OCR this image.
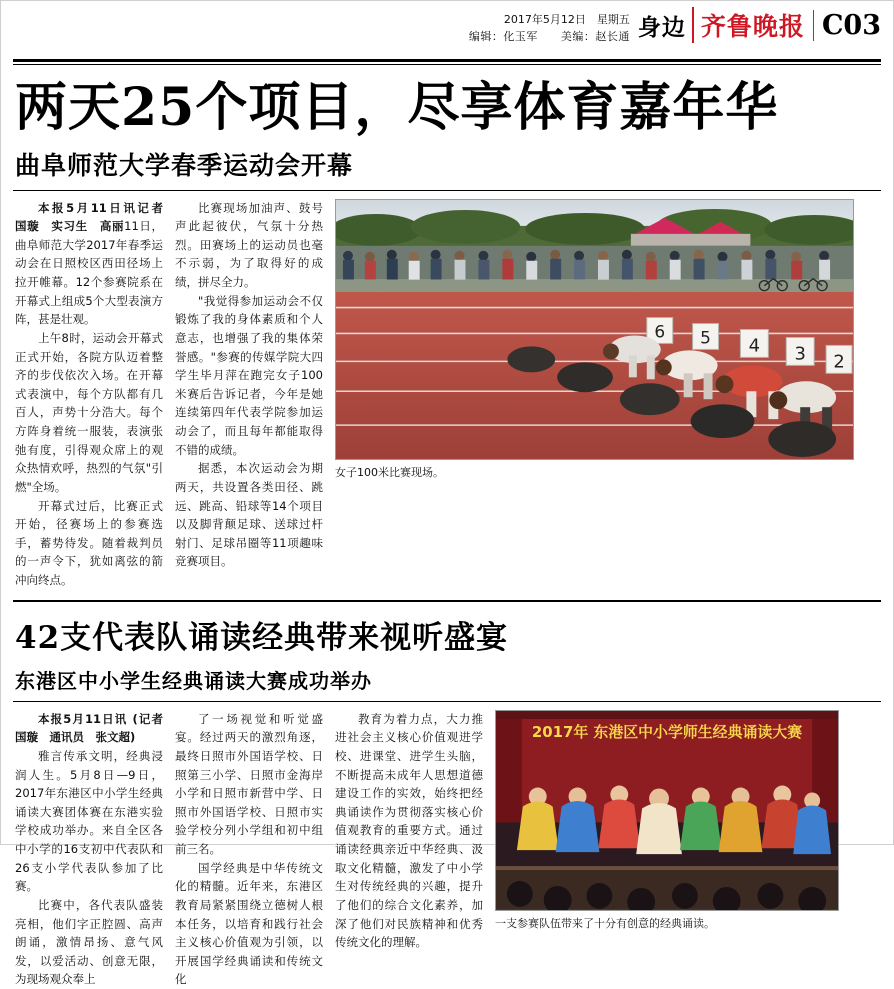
2017年5月12日　星期五
编辑：化玉军　　美编：赵长通 身边 齐鲁晚报 C03
两天25个项目，尽享体育嘉年华
曲阜师范大学春季运动会开幕

本报5月11日讯记者　国璇　实习生　高丽11日，曲阜师范大学2017年春季运动会在日照校区西田径场上拉开帷幕。12个参赛院系在开幕式上组成5个大型表演方阵，甚是壮观。

上午8时，运动会开幕式正式开始，各院方队迈着整齐的步伐依次入场。在开幕式表演中，每个方队都有几百人，声势十分浩大。每个方阵身着统一服装，表演张弛有度，引得观众席上的观众热情欢呼，热烈的气氛"引燃"全场。

开幕式过后，比赛正式开始，径赛场上的参赛选手，蓄势待发。随着裁判员的一声令下，犹如离弦的箭冲向终点。

比赛现场加油声、鼓号声此起彼伏，气氛十分热烈。田赛场上的运动员也毫不示弱，为了取得好的成绩，拼尽全力。

"我觉得参加运动会不仅锻炼了我的身体素质和个人意志，也增强了我的集体荣誉感。"参赛的传媒学院大四学生毕月萍在跑完女子100米赛后告诉记者，今年是她连续第四年代表学院参加运动会了，而且每年都能取得不错的成绩。

据悉，本次运动会为期两天，共设置各类田径、跳远、跳高、铅球等14个项目以及脚背颠足球、送球过杆射门、足球吊圈等11项趣味竞赛项目。

6 5 4 3 2
女子100米比赛现场。
42支代表队诵读经典带来视听盛宴
东港区中小学生经典诵读大赛成功举办

本报5月11日讯 (记者　国璇　通讯员　张文超)

雅言传承文明，经典浸润人生。5月8日—9日，2017年东港区中小学生经典诵读大赛团体赛在东港实验学校成功举办。来自全区各中小学的16支初中代表队和26支小学代表队参加了比赛。

比赛中，各代表队盛装亮相，他们字正腔圆、高声朗诵，激情昂扬、意气风发，以爱活动、创意无限，为现场观众奉上

了一场视觉和听觉盛宴。经过两天的激烈角逐，最终日照市外国语学校、日照第三小学、日照市金海岸小学和日照市新营中学、日照市外国语学校、日照市实验学校分列小学组和初中组前三名。

国学经典是中华传统文化的精髓。近年来，东港区教育局紧紧围绕立德树人根本任务，以培育和践行社会主义核心价值观为引领，以开展国学经典诵读和传统文化

教育为着力点，大力推进社会主义核心价值观进学校、进课堂、进学生头脑，不断提高未成年人思想道德建设工作的实效，始终把经典诵读作为贯彻落实核心价值观教育的重要方式。通过诵读经典亲近中华经典、汲取文化精髓，激发了中小学生对传统经典的兴趣，提升了他们的综合文化素养，加深了他们对民族精神和优秀传统文化的理解。

2017年 东港区中小学师生经典诵读大赛
一支参赛队伍带来了十分有创意的经典诵读。
